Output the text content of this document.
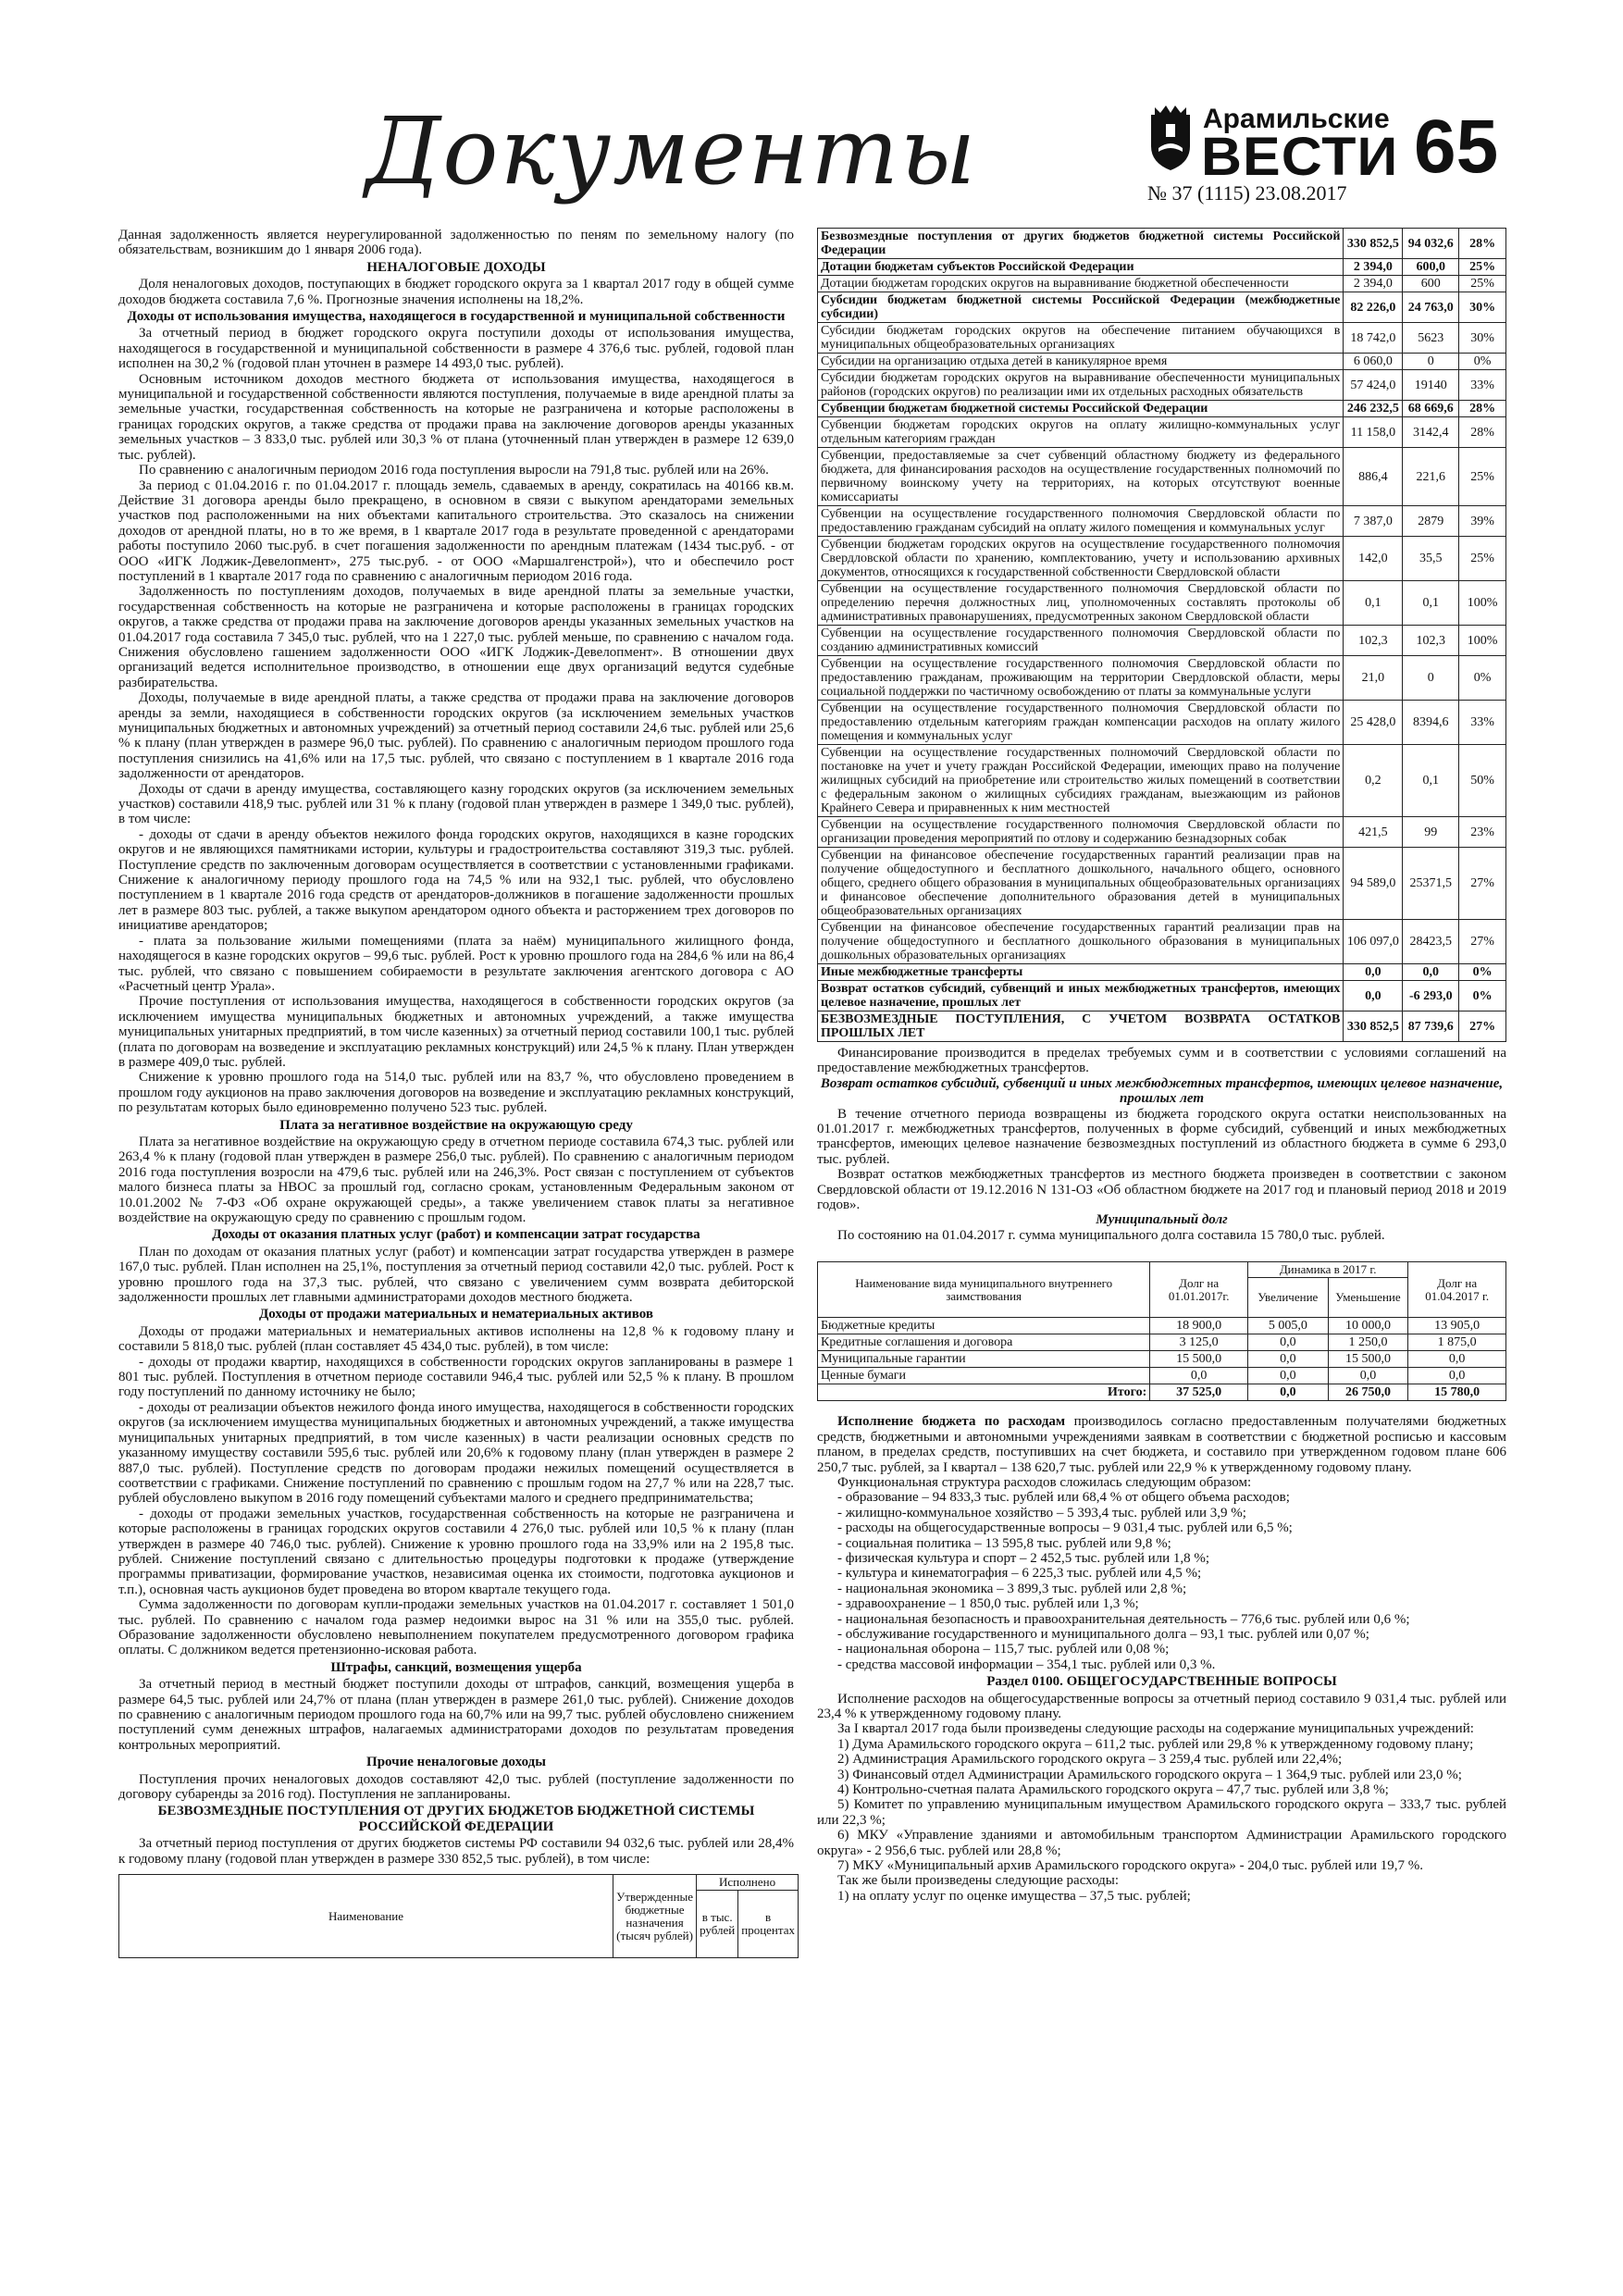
Документы	Арамильские
ВЕСТИ 65
№ 37 (1115) 23.08.2017

Данная задолженность является неурегулированной задолженностью по пеням по земельному налогу (по обязательствам, возникшим до 1 января 2006 года).

НЕНАЛОГОВЫЕ ДОХОДЫ

Доля неналоговых доходов, поступающих в бюджет городского округа за 1 квартал 2017 году в общей сумме доходов бюджета составила 7,6 %. Прогнозные значения исполнены на 18,2%.

Доходы от использования имущества, находящегося в государственной и муниципальной собственности

За отчетный период в бюджет городского округа поступили доходы от использования имущества, находящегося в государственной и муниципальной собственности в размере 4 376,6 тыс. рублей, годовой план исполнен на 30,2 % (годовой план уточнен в размере 14 493,0 тыс. рублей).

Основным источником доходов местного бюджета от использования имущества, находящегося в муниципальной и государственной собственности являются поступления, получаемые в виде арендной платы за земельные участки, государственная собственность на которые не разграничена и которые расположены в границах городских округов, а также средства от продажи права на заключение договоров аренды указанных земельных участков – 3 833,0 тыс. рублей или 30,3 % от плана (уточненный план утвержден в размере 12 639,0 тыс. рублей).

По сравнению с аналогичным периодом 2016 года поступления выросли на 791,8 тыс. рублей или на 26%.

За период с 01.04.2016 г. по 01.04.2017 г. площадь земель, сдаваемых в аренду, сократилась на 40166 кв.м. Действие 31 договора аренды было прекращено, в основном в связи с выкупом арендаторами земельных участков под расположенными на них объектами капитального строительства. Это сказалось на снижении доходов от арендной платы, но в то же время, в 1 квартале 2017 года в результате проведенной с арендаторами работы поступило 2060 тыс.руб. в счет погашения задолженности по арендным платежам (1434 тыс.руб. - от ООО «ИГК Лоджик-Девелопмент», 275 тыс.руб. - от ООО «Маршалгенстрой»), что и обеспечило рост поступлений в 1 квартале 2017 года по сравнению с аналогичным периодом 2016 года.

Задолженность по поступлениям доходов, получаемых в виде арендной платы за земельные участки, государственная собственность на которые не разграничена и которые расположены в границах городских округов, а также средства от продажи права на заключение договоров аренды указанных земельных участков на 01.04.2017 года составила 7 345,0 тыс. рублей, что на 1 227,0 тыс. рублей меньше, по сравнению с началом года. Снижения обусловлено гашением задолженности ООО «ИГК Лоджик-Девелопмент». В отношении двух организаций ведется исполнительное производство, в отношении еще двух организаций ведутся судебные разбирательства.

Доходы, получаемые в виде арендной платы, а также средства от продажи права на заключение договоров аренды за земли, находящиеся в собственности городских округов (за исключением земельных участков муниципальных бюджетных и автономных учреждений) за отчетный период составили 24,6 тыс. рублей или 25,6 % к плану (план утвержден в размере 96,0 тыс. рублей). По сравнению с аналогичным периодом прошлого года поступления снизились на 41,6% или на 17,5 тыс. рублей, что связано с поступлением в 1 квартале 2016 года задолженности от арендаторов.

Доходы от сдачи в аренду имущества, составляющего казну городских округов (за исключением земельных участков) составили 418,9 тыс. рублей или 31 % к плану (годовой план утвержден в размере 1 349,0 тыс. рублей), в том числе:

- доходы от сдачи в аренду объектов нежилого фонда городских округов, находящихся в казне городских округов и не являющихся памятниками истории, культуры и градостроительства составляют 319,3 тыс. рублей. Поступление средств по заключенным договорам осуществляется в соответствии с установленными графиками. Снижение к аналогичному периоду прошлого года на 74,5 % или на 932,1 тыс. рублей, что обусловлено поступлением в 1 квартале 2016 года средств от арендаторов-должников в погашение задолженности прошлых лет в размере 803 тыс. рублей, а также выкупом арендатором одного объекта и расторжением трех договоров по инициативе арендаторов;

- плата за пользование жилыми помещениями (плата за наём) муниципального жилищного фонда, находящегося в казне городских округов – 99,6 тыс. рублей. Рост к уровню прошлого года на 284,6 % или на 86,4 тыс. рублей, что связано с повышением собираемости в результате заключения агентского договора с АО «Расчетный центр Урала».

Прочие поступления от использования имущества, находящегося в собственности городских округов (за исключением имущества муниципальных бюджетных и автономных учреждений, а также имущества муниципальных унитарных предприятий, в том числе казенных) за отчетный период составили 100,1 тыс. рублей (плата по договорам на возведение и эксплуатацию рекламных конструкций) или 24,5 % к плану. План утвержден в размере 409,0 тыс. рублей.

Снижение к уровню прошлого года на 514,0 тыс. рублей или на 83,7 %, что обусловлено проведением в прошлом году аукционов на право заключения договоров на возведение и эксплуатацию рекламных конструкций, по результатам которых было единовременно получено 523 тыс. рублей.

Плата за негативное воздействие на окружающую среду

Плата за негативное воздействие на окружающую среду в отчетном периоде составила 674,3 тыс. рублей или 263,4 % к плану (годовой план утвержден в размере 256,0 тыс. рублей). По сравнению с аналогичным периодом 2016 года поступления возросли на 479,6 тыс. рублей или на 246,3%. Рост связан с поступлением от субъектов малого бизнеса платы за НВОС за прошлый год, согласно срокам, установленным Федеральным законом от 10.01.2002 № 7-ФЗ «Об охране окружающей среды», а также увеличением ставок платы за негативное воздействие на окружающую среду по сравнению с прошлым годом.

Доходы от оказания платных услуг (работ) и компенсации затрат государства

План по доходам от оказания платных услуг (работ) и компенсации затрат государства утвержден в размере 167,0 тыс. рублей. План исполнен на 25,1%, поступления за отчетный период составили 42,0 тыс. рублей. Рост к уровню прошлого года на 37,3 тыс. рублей, что связано с увеличением сумм возврата дебиторской задолженности прошлых лет главными администраторами доходов местного бюджета.

Доходы от продажи материальных и нематериальных активов

Доходы от продажи материальных и нематериальных активов исполнены на 12,8 % к годовому плану и составили 5 818,0 тыс. рублей (план составляет 45 434,0 тыс. рублей), в том числе:

- доходы от продажи квартир, находящихся в собственности городских округов запланированы в размере 1 801 тыс. рублей. Поступления в отчетном периоде составили 946,4 тыс. рублей или 52,5 % к плану. В прошлом году поступлений по данному источнику не было;

- доходы от реализации объектов нежилого фонда иного имущества, находящегося в собственности городских округов (за исключением имущества муниципальных бюджетных и автономных учреждений, а также имущества муниципальных унитарных предприятий, в том числе казенных) в части реализации основных средств по указанному имуществу составили 595,6 тыс. рублей или 20,6% к годовому плану (план утвержден в размере 2 887,0 тыс. рублей). Поступление средств по договорам продажи нежилых помещений осуществляется в соответствии с графиками. Снижение поступлений по сравнению с прошлым годом на 27,7 % или на 228,7 тыс. рублей обусловлено выкупом в 2016 году помещений субъектами малого и среднего предпринимательства;

- доходы от продажи земельных участков, государственная собственность на которые не разграничена и которые расположены в границах городских округов составили 4 276,0 тыс. рублей или 10,5 % к плану (план утвержден в размере 40 746,0 тыс. рублей). Снижение к уровню прошлого года на 33,9% или на 2 195,8 тыс. рублей. Снижение поступлений связано с длительностью процедуры подготовки к продаже (утверждение программы приватизации, формирование участков, независимая оценка их стоимости, подготовка аукционов и т.п.), основная часть аукционов будет проведена во втором квартале текущего года.

Сумма задолженности по договорам купли-продажи земельных участков на 01.04.2017 г. составляет 1 501,0 тыс. рублей. По сравнению с началом года размер недоимки вырос на 31 % или на 355,0 тыс. рублей. Образование задолженности обусловлено невыполнением покупателем предусмотренного договором графика оплаты. С должником ведется претензионно-исковая работа.

Штрафы, санкций, возмещения ущерба

За отчетный период в местный бюджет поступили доходы от штрафов, санкций, возмещения ущерба в размере 64,5 тыс. рублей или 24,7% от плана (план утвержден в размере 261,0 тыс. рублей). Снижение доходов по сравнению с аналогичным периодом прошлого года на 60,7% или на 99,7 тыс. рублей обусловлено снижением поступлений сумм денежных штрафов, налагаемых администраторами доходов по результатам проведения контрольных мероприятий.

Прочие неналоговые доходы

Поступления прочих неналоговых доходов составляют 42,0 тыс. рублей (поступление задолженности по договору субаренды за 2016 год). Поступления не запланированы.

БЕЗВОЗМЕЗДНЫЕ ПОСТУПЛЕНИЯ ОТ ДРУГИХ БЮДЖЕТОВ БЮДЖЕТНОЙ СИСТЕМЫ РОССИЙСКОЙ ФЕДЕРАЦИИ

За отчетный период поступления от других бюджетов системы РФ составили 94 032,6 тыс. рублей или 28,4% к годовому плану (годовой план утвержден в размере 330 852,5 тыс. рублей), в том числе:

Наименование	Утвержденные бюджетные назначения (тысяч рублей)	Исполнено	
		в тыс. рублей	в процентах
Безвозмездные поступления от других бюджетов бюджетной системы Российской Федерации	330 852,5	94 032,6	28%
Дотации бюджетам субъектов Российской Федерации	2 394,0	600,0	25%
Дотации бюджетам городских округов на выравнивание бюджетной обеспеченности	2 394,0	600	25%
Субсидии бюджетам бюджетной системы Российской Федерации (межбюджетные субсидии)	82 226,0	24 763,0	30%
Субсидии бюджетам городских округов на обеспечение питанием обучающихся в муниципальных общеобразовательных организациях	18 742,0	5623	30%
Субсидии на организацию отдыха детей в каникулярное время	6 060,0	0	0%
Субсидии бюджетам городских округов на выравнивание обеспеченности муниципальных районов (городских округов) по реализации ими их отдельных расходных обязательств	57 424,0	19140	33%
Субвенции бюджетам бюджетной системы Российской Федерации	246 232,5	68 669,6	28%
Субвенции бюджетам городских округов на оплату жилищно-коммунальных услуг отдельным категориям граждан	11 158,0	3142,4	28%
Субвенции, предоставляемые за счет субвенций областному бюджету из федерального бюджета, для финансирования расходов на осуществление государственных полномочий по первичному воинскому учету на территориях, на которых отсутствуют военные комиссариаты	886,4	221,6	25%
Субвенции на осуществление государственного полномочия Свердловской области по предоставлению гражданам субсидий на оплату жилого помещения и коммунальных услуг	7 387,0	2879	39%
Субвенции бюджетам городских округов на осуществление государственного полномочия Свердловской области по хранению, комплектованию, учету и использованию архивных документов, относящихся к государственной собственности Свердловской области	142,0	35,5	25%
Субвенции на осуществление государственного полномочия Свердловской области по определению перечня должностных лиц, уполномоченных составлять протоколы об административных правонарушениях, предусмотренных законом Свердловской области	0,1	0,1	100%
Субвенции на осуществление государственного полномочия Свердловской области по созданию административных комиссий	102,3	102,3	100%
Субвенции на осуществление государственного полномочия Свердловской области по предоставлению гражданам, проживающим на территории Свердловской области, меры социальной поддержки по частичному освобождению от платы за коммунальные услуги	21,0	0	0%
Субвенции на осуществление государственного полномочия Свердловской области по предоставлению отдельным категориям граждан компенсации расходов на оплату жилого помещения и коммунальных услуг	25 428,0	8394,6	33%
Субвенции на осуществление государственных полномочий Свердловской области по постановке на учет и учету граждан Российской Федерации, имеющих право на получение жилищных субсидий на приобретение или строительство жилых помещений в соответствии с федеральным законом о жилищных субсидиях гражданам, выезжающим из районов Крайнего Севера и приравненных к ним местностей	0,2	0,1	50%
Субвенции на осуществление государственного полномочия Свердловской области по организации проведения мероприятий по отлову и содержанию безнадзорных собак	421,5	99	23%
Субвенции на финансовое обеспечение государственных гарантий реализации прав на получение общедоступного и бесплатного дошкольного, начального общего, основного общего, среднего общего образования в муниципальных общеобразовательных организациях и финансовое обеспечение дополнительного образования детей в муниципальных общеобразовательных организациях	94 589,0	25371,5	27%
Субвенции на финансовое обеспечение государственных гарантий реализации прав на получение общедоступного и бесплатного дошкольного образования в муниципальных дошкольных образовательных организациях	106 097,0	28423,5	27%
Иные межбюджетные трансферты	0,0	0,0	0%
Возврат остатков субсидий, субвенций и иных межбюджетных трансфертов, имеющих целевое назначение, прошлых лет	0,0	-6 293,0	0%
БЕЗВОЗМЕЗДНЫЕ ПОСТУПЛЕНИЯ, С УЧЕТОМ ВОЗВРАТА ОСТАТКОВ ПРОШЛЫХ ЛЕТ	330 852,5	87 739,6	27%

Финансирование производится в пределах требуемых сумм и в соответствии с условиями соглашений на предоставление межбюджетных трансфертов.

Возврат остатков субсидий, субвенций и иных межбюджетных трансфертов, имеющих целевое назначение, прошлых лет

В течение отчетного периода возвращены из бюджета городского округа остатки неиспользованных на 01.01.2017 г. межбюджетных трансфертов, полученных в форме субсидий, субвенций и иных межбюджетных трансфертов, имеющих целевое назначение безвозмездных поступлений из областного бюджета в сумме 6 293,0 тыс. рублей.

Возврат остатков межбюджетных трансфертов из местного бюджета произведен в соответствии с законом Свердловской области от 19.12.2016 N 131-ОЗ «Об областном бюджете на 2017 год и плановый период 2018 и 2019 годов».

Муниципальный долг

По состоянию на 01.04.2017 г. сумма муниципального долга составила 15 780,0 тыс. рублей.

Наименование вида муниципального внутреннего заимствования	Долг на 01.01.2017г.	Динамика в 2017 г.		Долг на 01.04.2017 г.
		Увеличение	Уменьшение	
Бюджетные кредиты	18 900,0	5 005,0	10 000,0	13 905,0
Кредитные соглашения и договора	3 125,0	0,0	1 250,0	1 875,0
Муниципальные гарантии	15 500,0	0,0	15 500,0	0,0
Ценные бумаги	0,0	0,0	0,0	0,0
Итого:	37 525,0	0,0	26 750,0	15 780,0

Исполнение бюджета по расходам производилось согласно предоставленным получателями бюджетных средств, бюджетными и автономными учреждениями заявкам в соответствии с бюджетной росписью и кассовым планом, в пределах средств, поступивших на счет бюджета, и составило при утвержденном годовом плане 606 250,7 тыс. рублей, за I квартал – 138 620,7 тыс. рублей или 22,9 % к утвержденному годовому плану.

Функциональная структура расходов сложилась следующим образом:

- образование – 94 833,3 тыс. рублей или 68,4 % от общего объема расходов;

- жилищно-коммунальное хозяйство – 5 393,4 тыс. рублей или 3,9 %;

- расходы на общегосударственные вопросы – 9 031,4 тыс. рублей или 6,5 %;

- социальная политика – 13 595,8 тыс. рублей или 9,8 %;

- физическая культура и спорт – 2 452,5 тыс. рублей или 1,8 %;

- культура и кинематография – 6 225,3 тыс. рублей или 4,5 %;

- национальная экономика – 3 899,3 тыс. рублей или 2,8 %;

- здравоохранение – 1 850,0 тыс. рублей или 1,3 %;

- национальная безопасность и правоохранительная деятельность – 776,6 тыс. рублей или 0,6 %;

- обслуживание государственного и муниципального долга – 93,1 тыс. рублей или 0,07 %;

- национальная оборона – 115,7 тыс. рублей или 0,08 %;

- средства массовой информации – 354,1 тыс. рублей или 0,3 %.

Раздел 0100. ОБЩЕГОСУДАРСТВЕННЫЕ ВОПРОСЫ

Исполнение расходов на общегосударственные вопросы за отчетный период составило 9 031,4 тыс. рублей или 23,4 % к утвержденному годовому плану.

За I квартал 2017 года были произведены следующие расходы на содержание муниципальных учреждений:

1) Дума Арамильского городского округа – 611,2 тыс. рублей или 29,8 % к утвержденному годовому плану;

2) Администрация Арамильского городского округа – 3 259,4 тыс. рублей или 22,4%;

3) Финансовый отдел Администрации Арамильского городского округа – 1 364,9 тыс. рублей или 23,0 %;

4) Контрольно-счетная палата Арамильского городского округа – 47,7 тыс. рублей или 3,8 %;

5) Комитет по управлению муниципальным имуществом Арамильского городского округа – 333,7 тыс. рублей или 22,3 %;

6) МКУ «Управление зданиями и автомобильным транспортом Администрации Арамильского городского округа» - 2 956,6 тыс. рублей или 28,8 %;

7) МКУ «Муниципальный архив Арамильского городского округа» - 204,0 тыс. рублей или 19,7 %.

Так же были произведены следующие расходы:

1) на оплату услуг по оценке имущества – 37,5 тыс. рублей;
